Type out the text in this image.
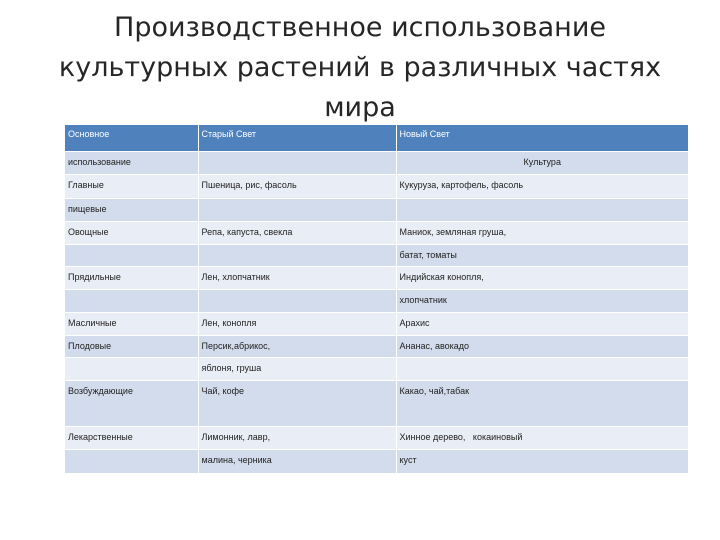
Производственное использование
культурных растений в различных частях
мира
Основное	Старый Свет	Новый Свет
использование		Культура
Главные	Пшеница, рис, фасоль	Кукуруза, картофель, фасоль
пищевые		
Овощные	Репа, капуста, свекла	Маниок, земляная груша,
		батат, томаты
Прядильные	Лен, хлопчатник	Индийская конопля,
		хлопчатник
Масличные	Лен, конопля	Арахис
Плодовые	Персик,абрикос,	Ананас, авокадо
	яблоня, груша	
Возбуждающие	Чай, кофе	Какао, чай,табак
Лекарственные	Лимонник, лавр,	Хинное дерево,   кокаиновый
	малина, черника	куст
